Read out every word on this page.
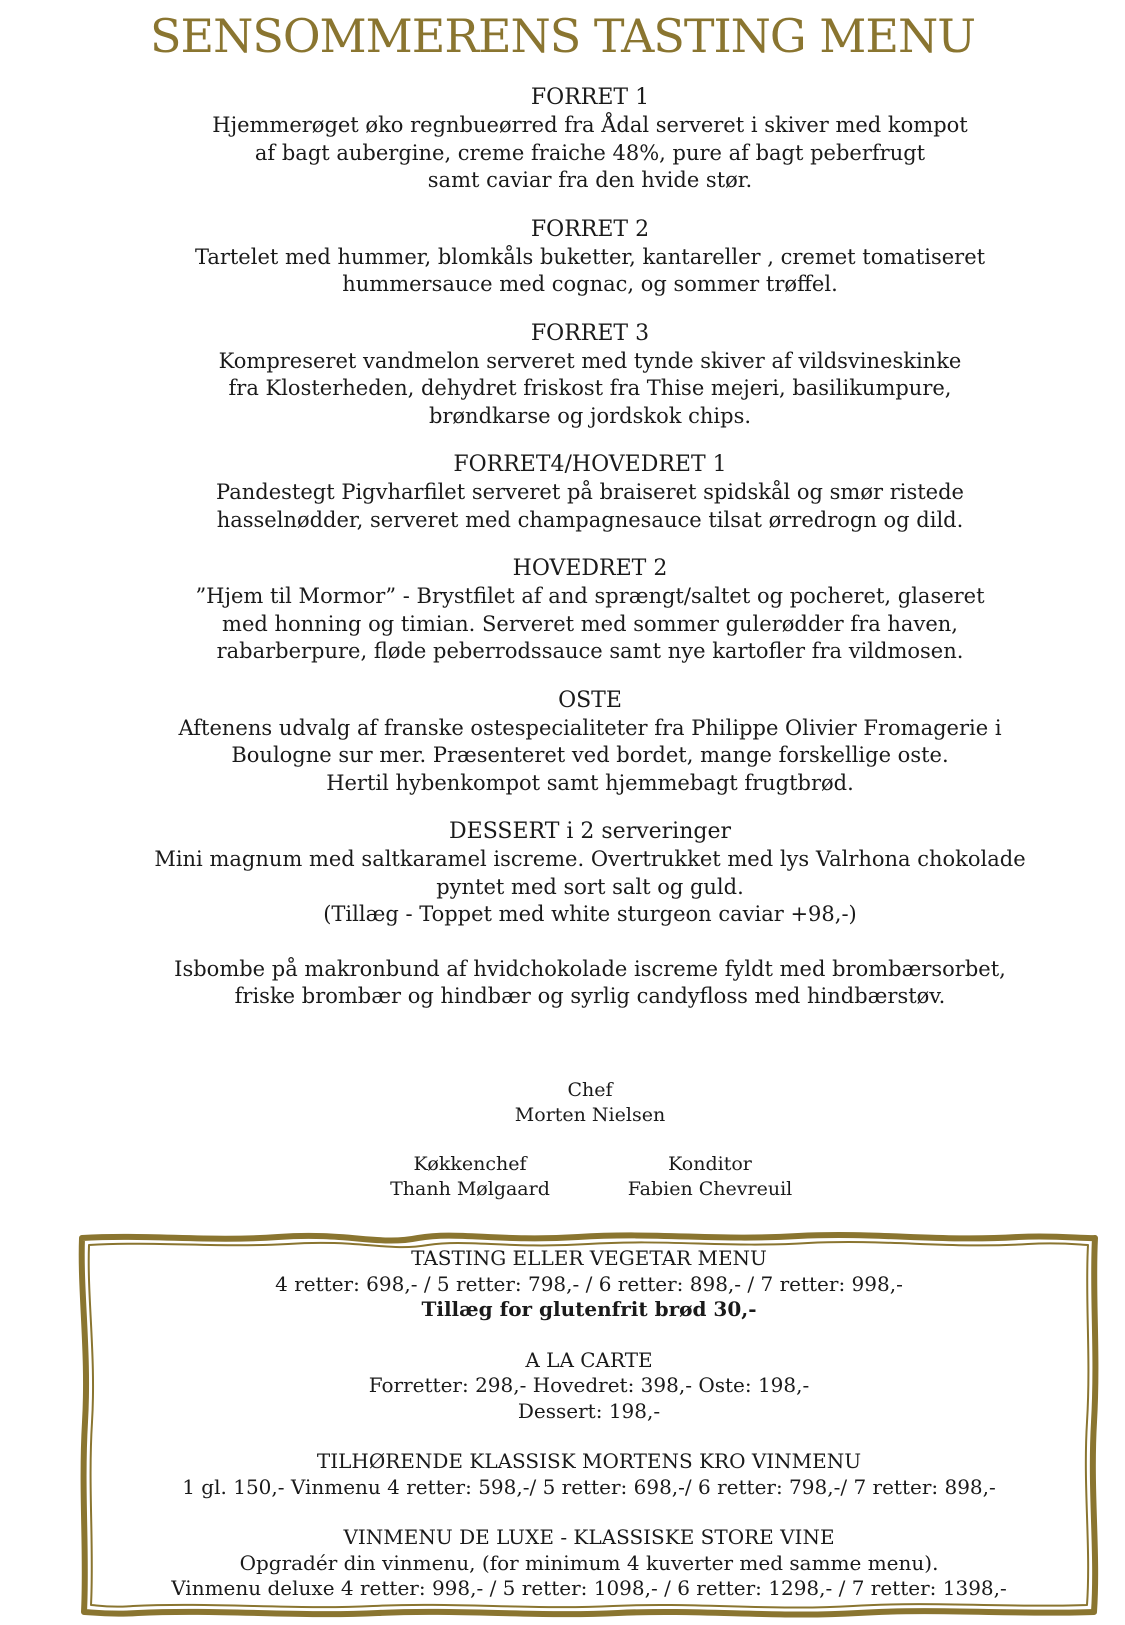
SENSOMMERENS TASTING MENU
FORRET 1

Hjemmerøget øko regnbueørred fra Ådal serveret i skiver med kompot

af bagt aubergine, creme fraiche 48%, pure af bagt peberfrugt

samt caviar fra den hvide stør.

FORRET 2

Tartelet med hummer, blomkåls buketter, kantareller , cremet tomatiseret

hummersauce med cognac, og sommer trøffel.

FORRET 3

Kompreseret vandmelon serveret med tynde skiver af vildsvineskinke

fra Klosterheden, dehydret friskost fra Thise mejeri, basilikumpure,

brøndkarse og jordskok chips.

FORRET4/HOVEDRET 1

Pandestegt Pigvharfilet serveret på braiseret spidskål og smør ristede

hasselnødder, serveret med champagnesauce tilsat ørredrogn og dild.

HOVEDRET 2

”Hjem til Mormor” - Brystfilet af and sprængt/saltet og pocheret, glaseret

med honning og timian. Serveret med sommer gulerødder fra haven,

rabarberpure, fløde peberrodssauce samt nye kartofler fra vildmosen.

OSTE

Aftenens udvalg af franske ostespecialiteter fra Philippe Olivier Fromagerie i

Boulogne sur mer. Præsenteret ved bordet, mange forskellige oste.

Hertil hybenkompot samt hjemmebagt frugtbrød.

DESSERT i 2 serveringer

Mini magnum med saltkaramel iscreme. Overtrukket med lys Valrhona chokolade

pyntet med sort salt og guld.

(Tillæg - Toppet med white sturgeon caviar +98,-)

Isbombe på makronbund af hvidchokolade iscreme fyldt med brombærsorbet,

friske brombær og hindbær og syrlig candyfloss med hindbærstøv.

Chef
Morten Nielsen
Køkkenchef
Thanh Mølgaard
Konditor
Fabien Chevreuil
TASTING ELLER VEGETAR MENU
4 retter: 698,- / 5 retter: 798,- / 6 retter: 898,- / 7 retter: 998,-
Tillæg for glutenfrit brød 30,-
A LA CARTE
Forretter: 298,- Hovedret: 398,- Oste: 198,-
Dessert: 198,-
TILHØRENDE KLASSISK MORTENS KRO VINMENU
1 gl. 150,- Vinmenu 4 retter: 598,-/ 5 retter: 698,-/ 6 retter: 798,-/ 7 retter: 898,-
VINMENU DE LUXE - KLASSISKE STORE VINE
Opgradér din vinmenu, (for minimum 4 kuverter med samme menu).
Vinmenu deluxe 4 retter: 998,- / 5 retter: 1098,- / 6 retter: 1298,- / 7 retter: 1398,-
